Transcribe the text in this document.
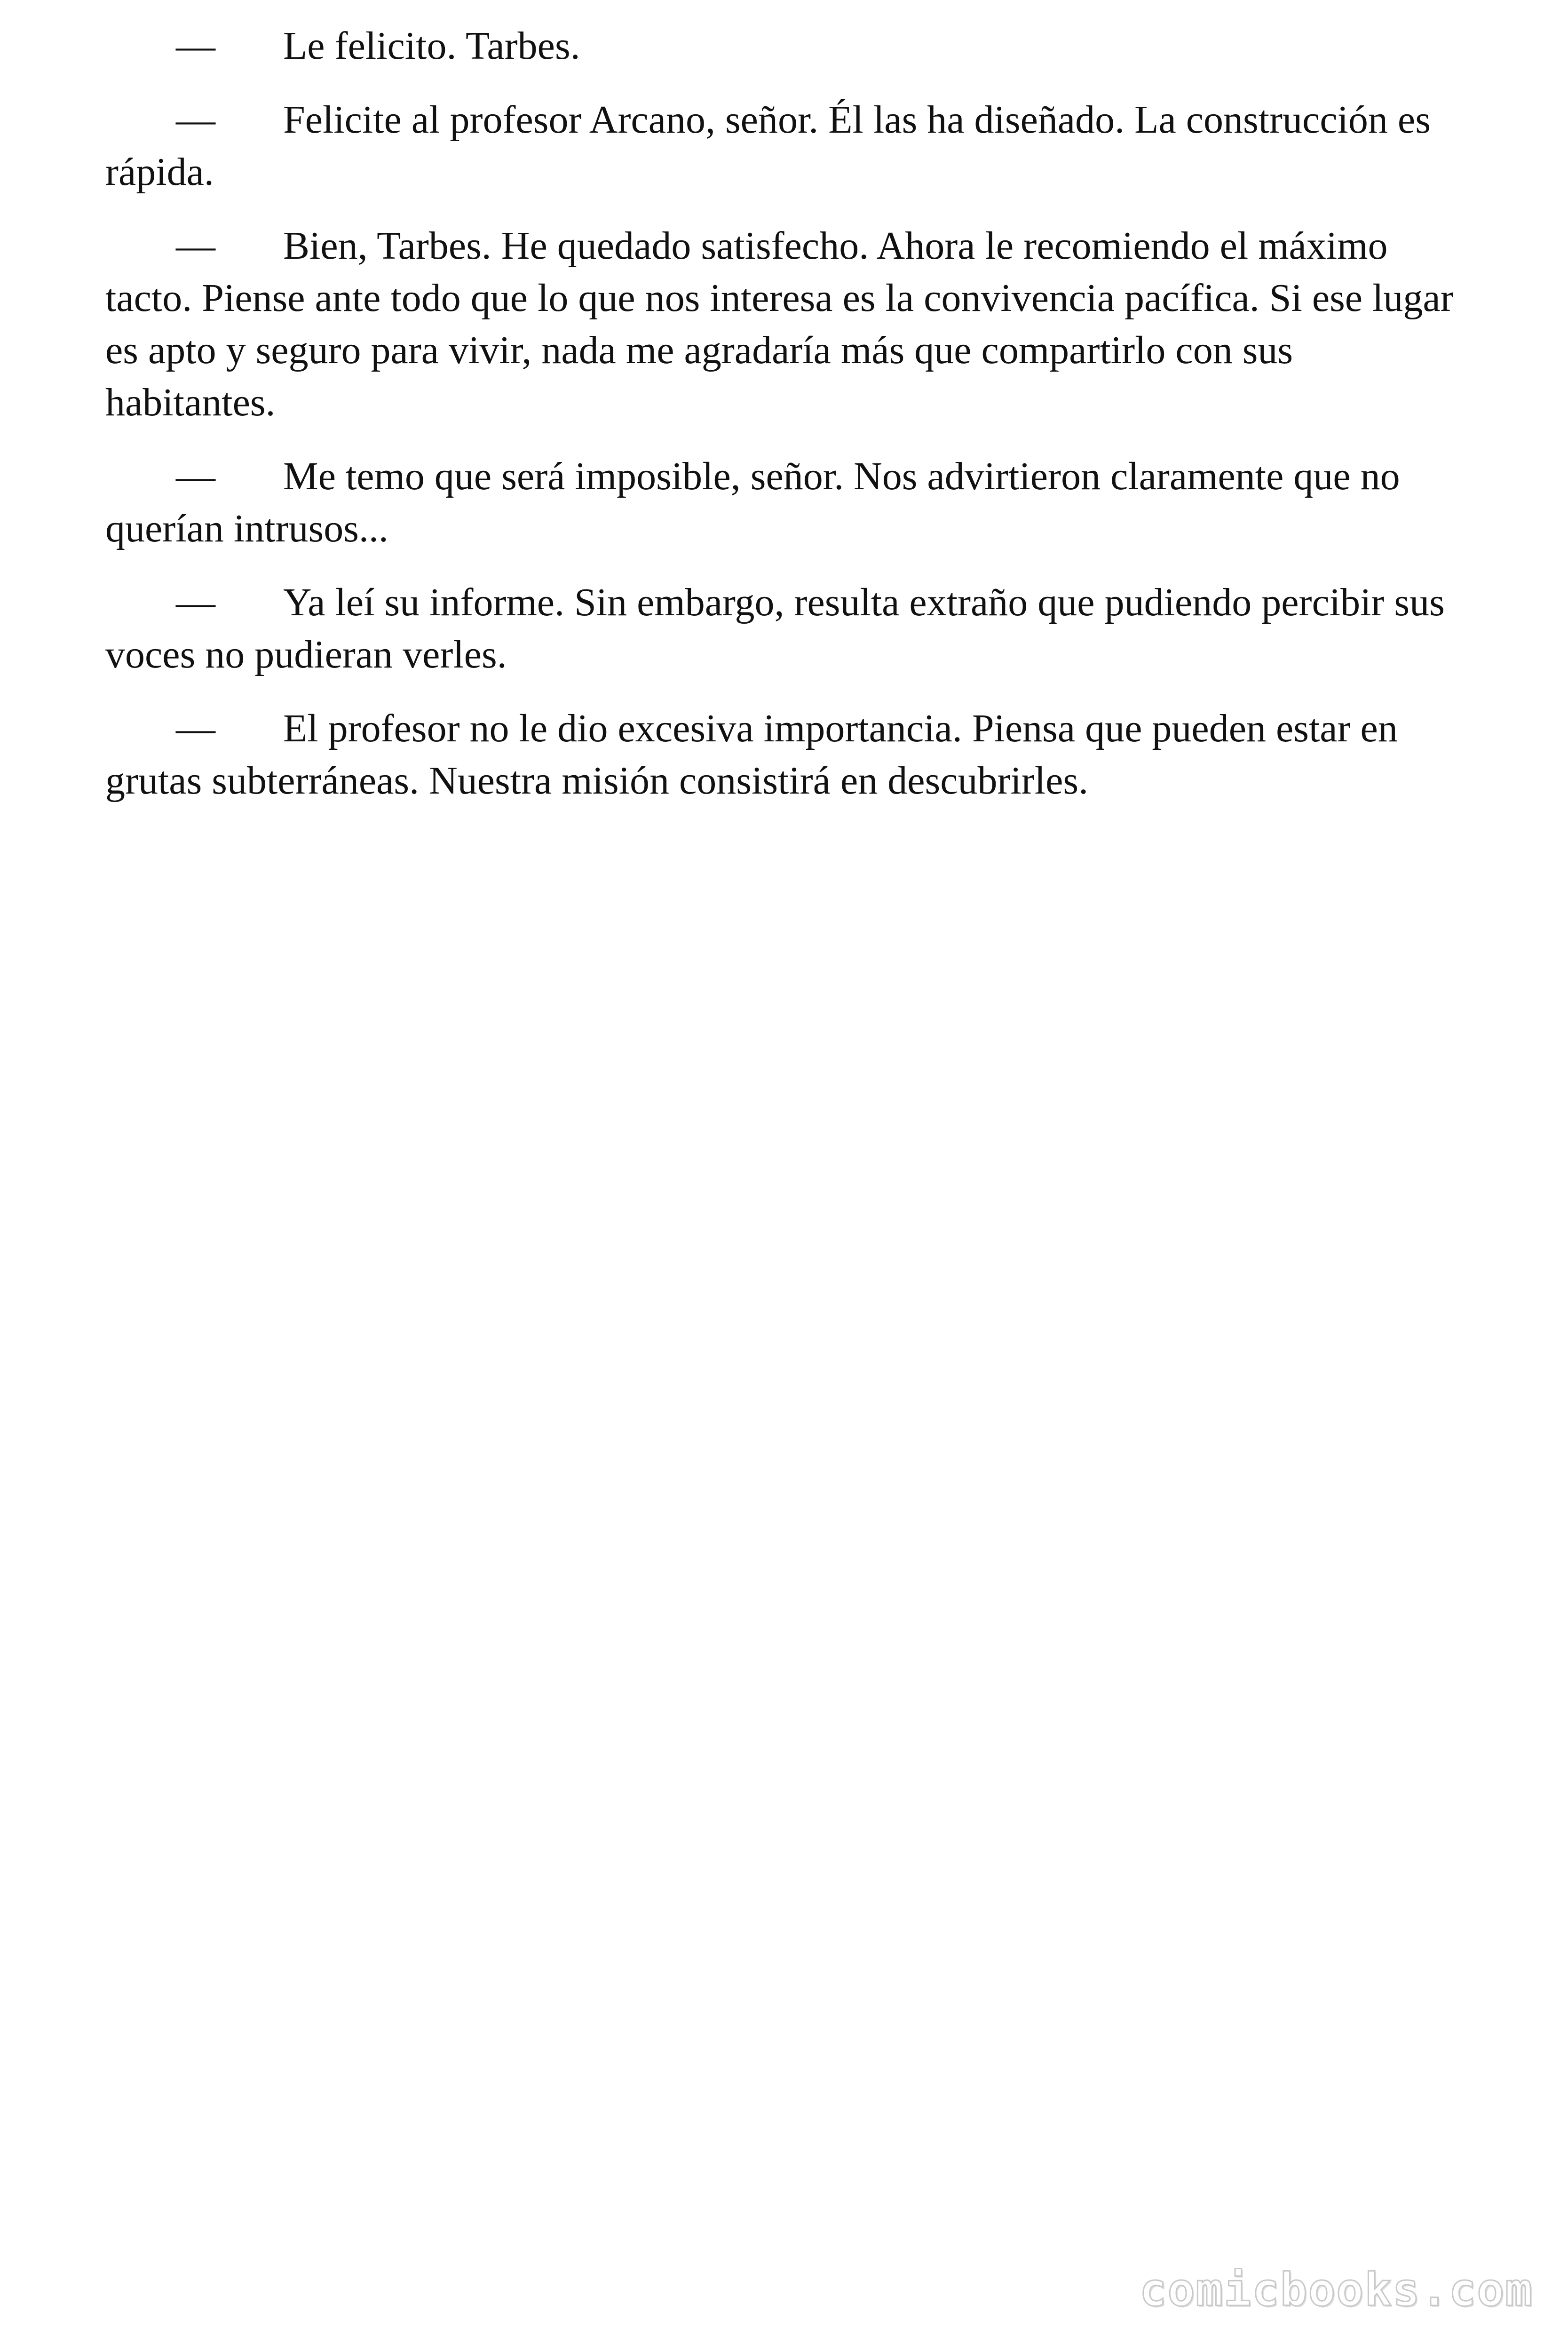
— Le felicito. Tarbes.

— Felicite al profesor Arcano, señor. Él las ha diseñado. La construcción es rápida.

— Bien, Tarbes. He quedado satisfecho. Ahora le recomiendo el máximo tacto. Piense ante todo que lo que nos interesa es la convivencia pacífica. Si ese lugar es apto y seguro para vivir, nada me agradaría más que compartirlo con sus habitantes.

— Me temo que será imposible, señor. Nos advirtieron claramente que no querían intrusos...

— Ya leí su informe. Sin embargo, resulta extraño que pudiendo percibir sus voces no pudieran verles.

— El profesor no le dio excesiva importancia. Piensa que pueden estar en grutas subterráneas. Nuestra misión consistirá en descubrirles.

comicbooks.com
